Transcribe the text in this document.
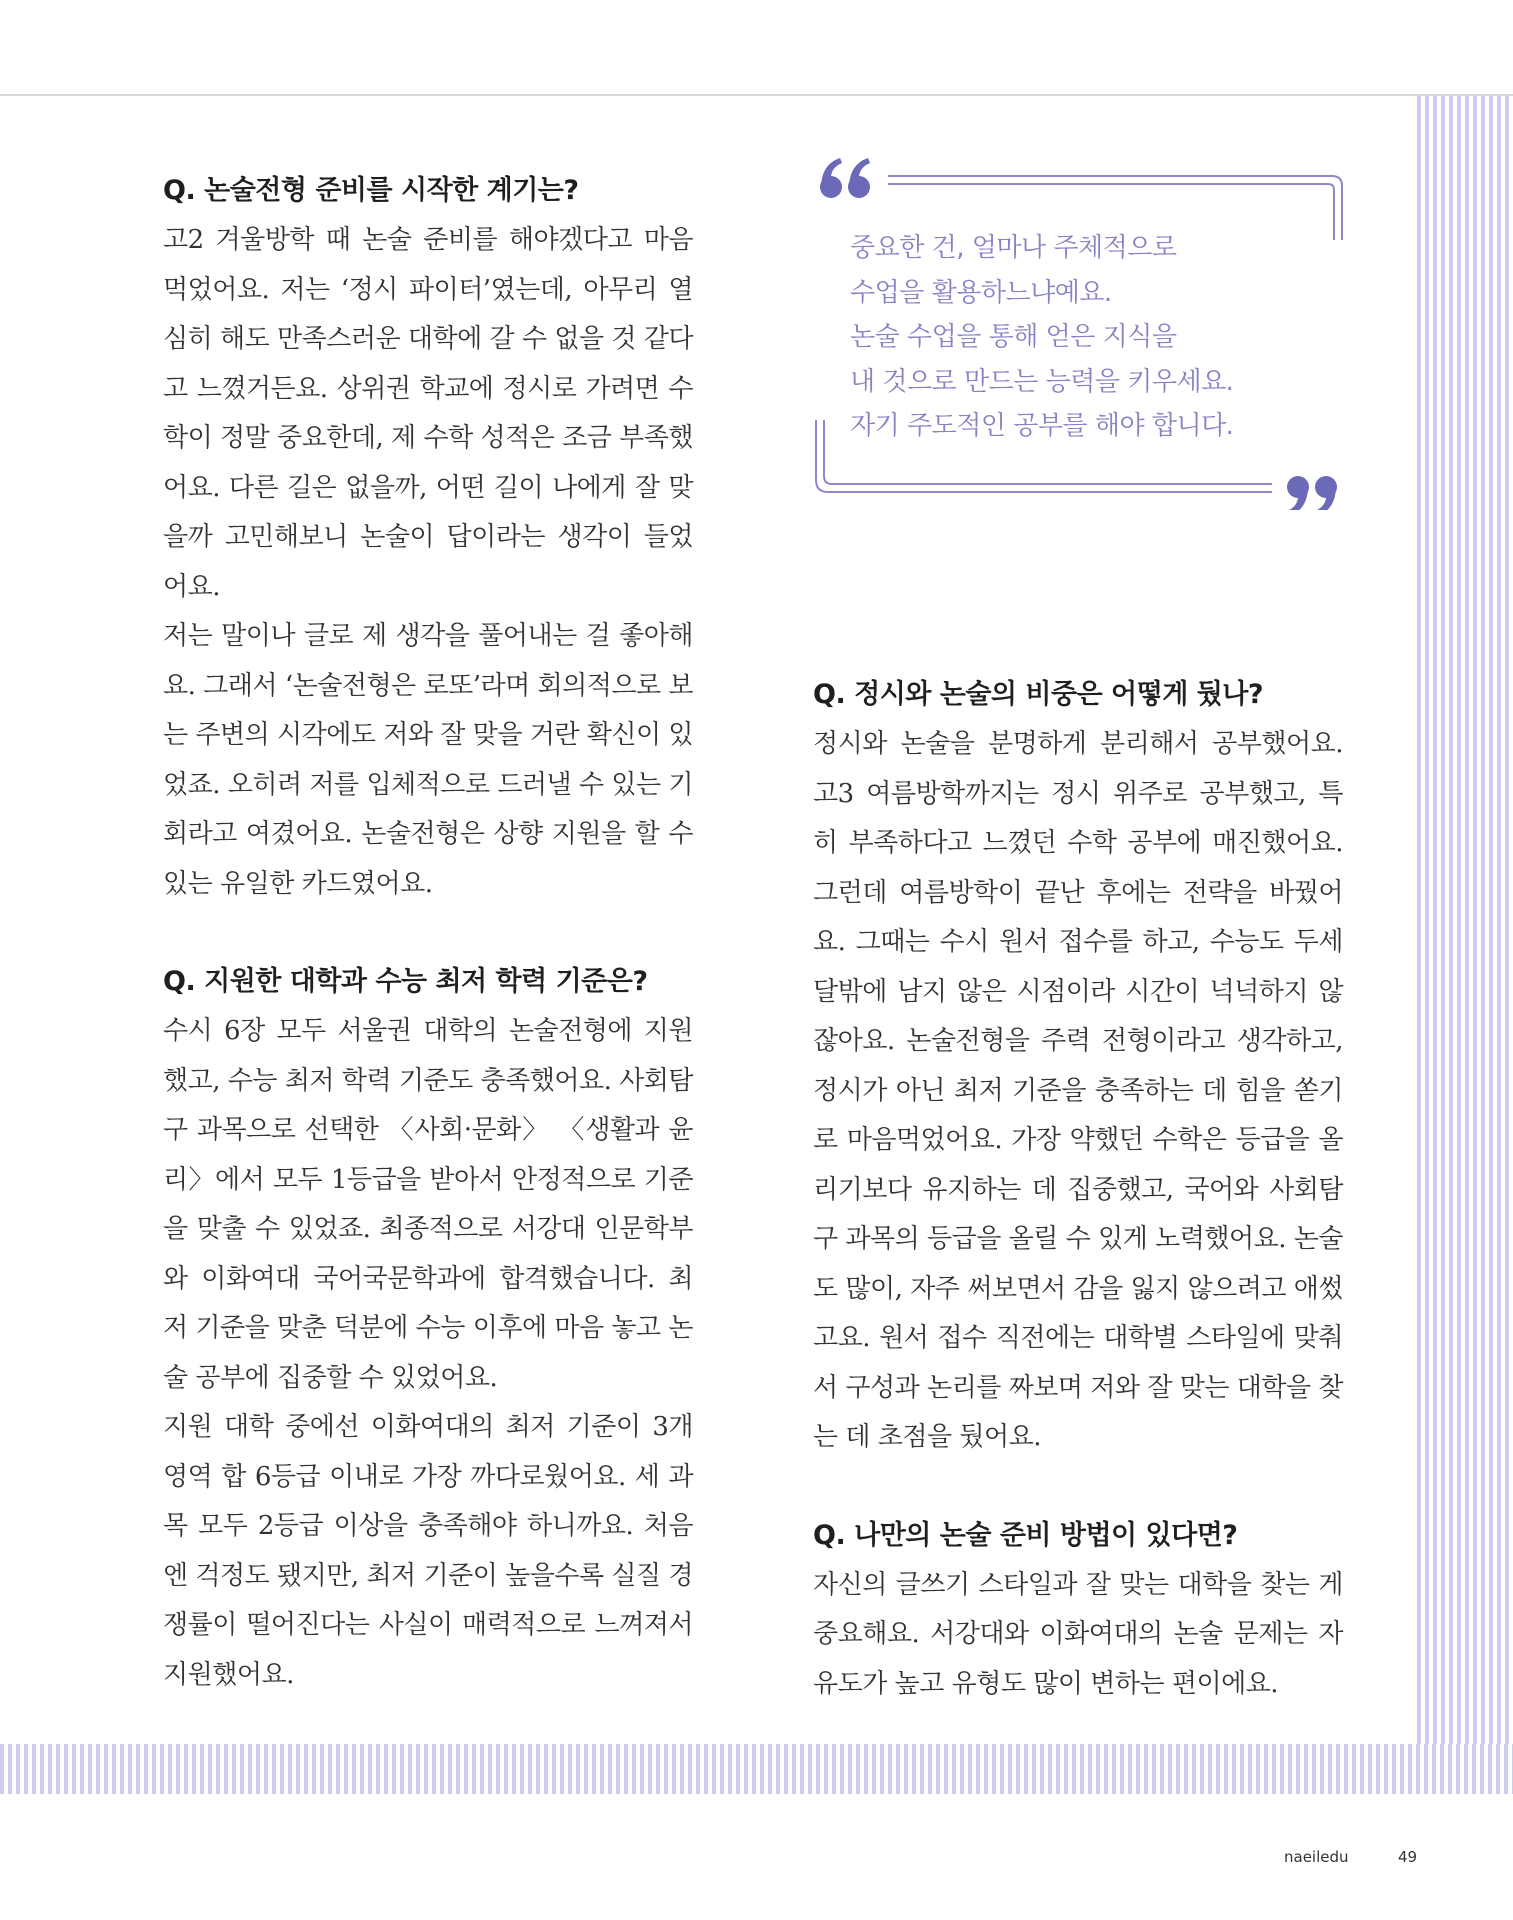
Q. 논술전형 준비를 시작한 계기는?

고2 겨울방학 때 논술 준비를 해야겠다고 마음먹었어요. 저는 ‘정시 파이터’였는데, 아무리 열심히 해도 만족스러운 대학에 갈 수 없을 것 같다고 느꼈거든요. 상위권 학교에 정시로 가려면 수학이 정말 중요한데, 제 수학 성적은 조금 부족했어요. 다른 길은 없을까, 어떤 길이 나에게 잘 맞을까 고민해보니 논술이 답이라는 생각이 들었어요.

저는 말이나 글로 제 생각을 풀어내는 걸 좋아해요. 그래서 ‘논술전형은 로또’라며 회의적으로 보는 주변의 시각에도 저와 잘 맞을 거란 확신이 있었죠. 오히려 저를 입체적으로 드러낼 수 있는 기회라고 여겼어요. 논술전형은 상향 지원을 할 수 있는 유일한 카드였어요.

Q. 지원한 대학과 수능 최저 학력 기준은?

수시 6장 모두 서울권 대학의 논술전형에 지원했고, 수능 최저 학력 기준도 충족했어요. 사회탐구 과목으로 선택한 〈사회·문화〉 〈생활과 윤리〉에서 모두 1등급을 받아서 안정적으로 기준을 맞출 수 있었죠. 최종적으로 서강대 인문학부와 이화여대 국어국문학과에 합격했습니다. 최저 기준을 맞춘 덕분에 수능 이후에 마음 놓고 논술 공부에 집중할 수 있었어요.

지원 대학 중에선 이화여대의 최저 기준이 3개 영역 합 6등급 이내로 가장 까다로웠어요. 세 과목 모두 2등급 이상을 충족해야 하니까요. 처음엔 걱정도 됐지만, 최저 기준이 높을수록 실질 경쟁률이 떨어진다는 사실이 매력적으로 느껴져서 지원했어요.

중요한 건, 얼마나 주체적으로
수업을 활용하느냐예요.
논술 수업을 통해 얻은 지식을
내 것으로 만드는 능력을 키우세요.
자기 주도적인 공부를 해야 합니다.
Q. 정시와 논술의 비중은 어떻게 뒀나?

정시와 논술을 분명하게 분리해서 공부했어요. 고3 여름방학까지는 정시 위주로 공부했고, 특히 부족하다고 느꼈던 수학 공부에 매진했어요. 그런데 여름방학이 끝난 후에는 전략을 바꿨어요. 그때는 수시 원서 접수를 하고, 수능도 두세 달밖에 남지 않은 시점이라 시간이 넉넉하지 않잖아요. 논술전형을 주력 전형이라고 생각하고, 정시가 아닌 최저 기준을 충족하는 데 힘을 쏟기로 마음먹었어요. 가장 약했던 수학은 등급을 올리기보다 유지하는 데 집중했고, 국어와 사회탐구 과목의 등급을 올릴 수 있게 노력했어요. 논술도 많이, 자주 써보면서 감을 잃지 않으려고 애썼고요. 원서 접수 직전에는 대학별 스타일에 맞춰서 구성과 논리를 짜보며 저와 잘 맞는 대학을 찾는 데 초점을 뒀어요.

Q. 나만의 논술 준비 방법이 있다면?

자신의 글쓰기 스타일과 잘 맞는 대학을 찾는 게 중요해요. 서강대와 이화여대의 논술 문제는 자유도가 높고 유형도 많이 변하는 편이에요.

naeiledu	49
